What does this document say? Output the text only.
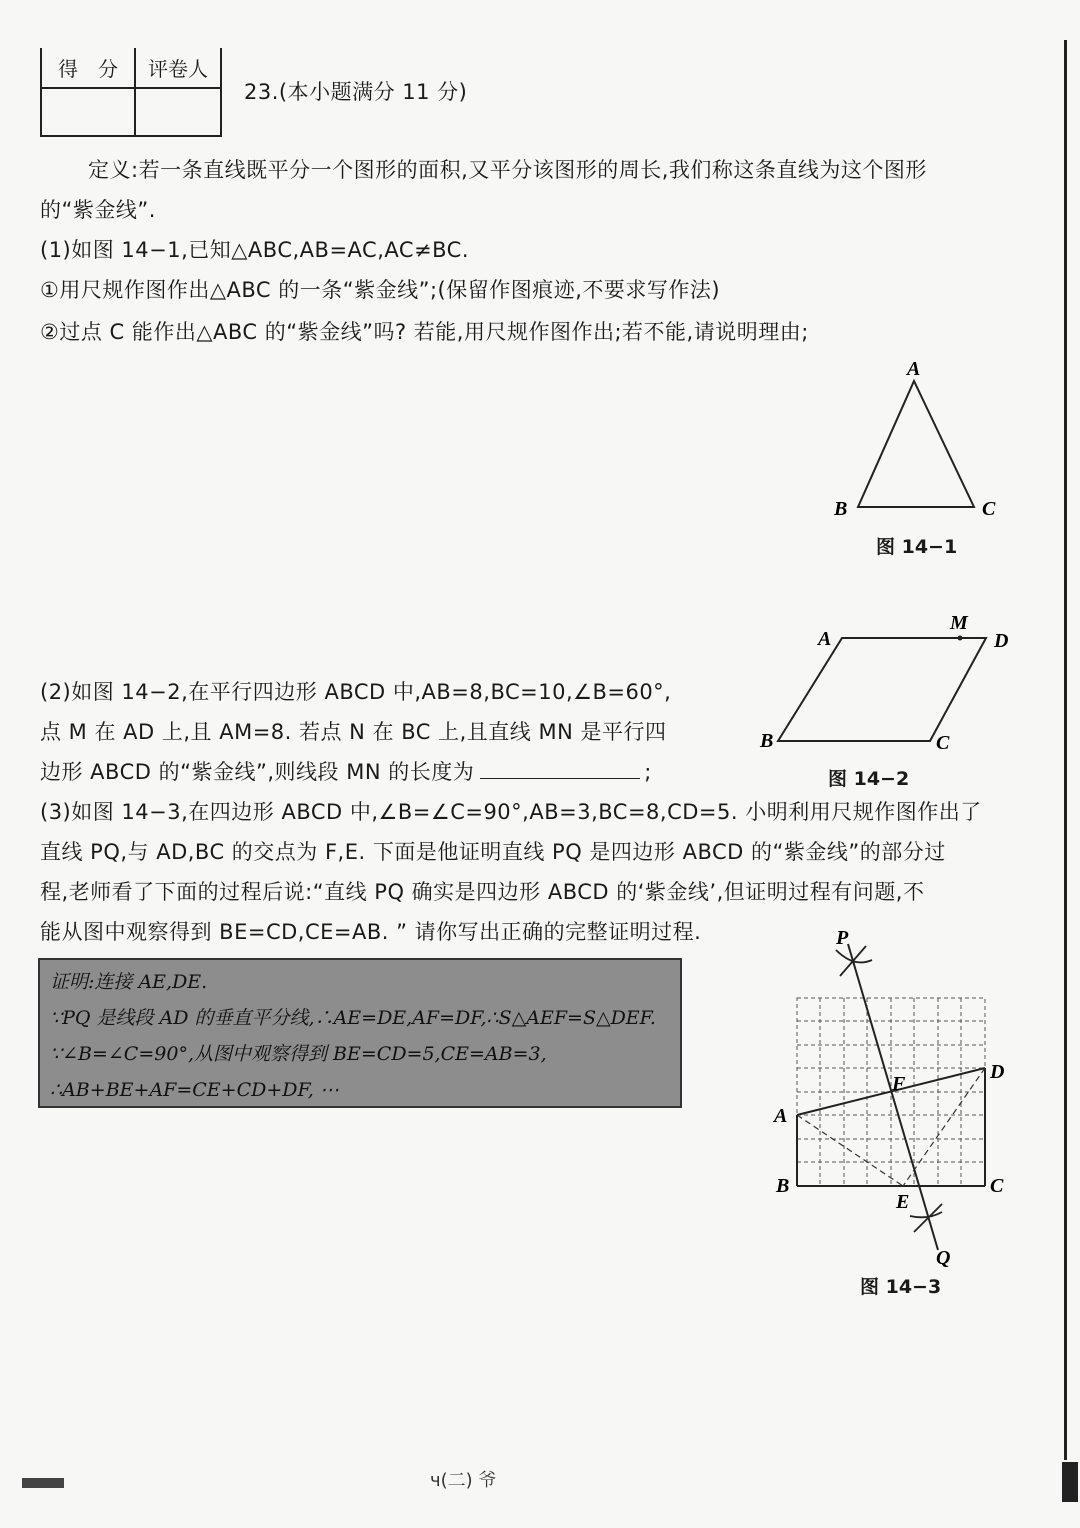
得　分	评卷人

23.(本小题满分 11 分)
定义:若一条直线既平分一个图形的面积,又平分该图形的周长,我们称这条直线为这个图形
的“紫金线”.
(1)如图 14−1,已知△ABC,AB=AC,AC≠BC.
①用尺规作图作出△ABC 的一条“紫金线”;(保留作图痕迹,不要求写作法)
②过点 C 能作出△ABC 的“紫金线”吗? 若能,用尺规作图作出;若不能,请说明理由;
A
B	C
图 14−1
A	D
M
B	C
图 14−2
(2)如图 14−2,在平行四边形 ABCD 中,AB=8,BC=10,∠B=60°,
点 M 在 AD 上,且 AM=8. 若点 N 在 BC 上,且直线 MN 是平行四
边形 ABCD 的“紫金线”,则线段 MN 的长度为	;
(3)如图 14−3,在四边形 ABCD 中,∠B=∠C=90°,AB=3,BC=8,CD=5. 小明利用尺规作图作出了
直线 PQ,与 AD,BC 的交点为 F,E. 下面是他证明直线 PQ 是四边形 ABCD 的“紫金线”的部分过
程,老师看了下面的过程后说:“直线 PQ 确实是四边形 ABCD 的‘紫金线’,但证明过程有问题,不
能从图中观察得到 BE=CD,CE=AB. ” 请你写出正确的完整证明过程.
证明:连接 AE,DE.
∵PQ 是线段 AD 的垂直平分线,∴AE=DE,AF=DF,∴S△AEF=S△DEF.
∵∠B=∠C=90°,从图中观察得到 BE=CD=5,CE=AB=3,
∴AB+BE+AF=CE+CD+DF, ⋯
P
Q
A
B	C
D
F
E
图 14−3
ч(二) 爷
